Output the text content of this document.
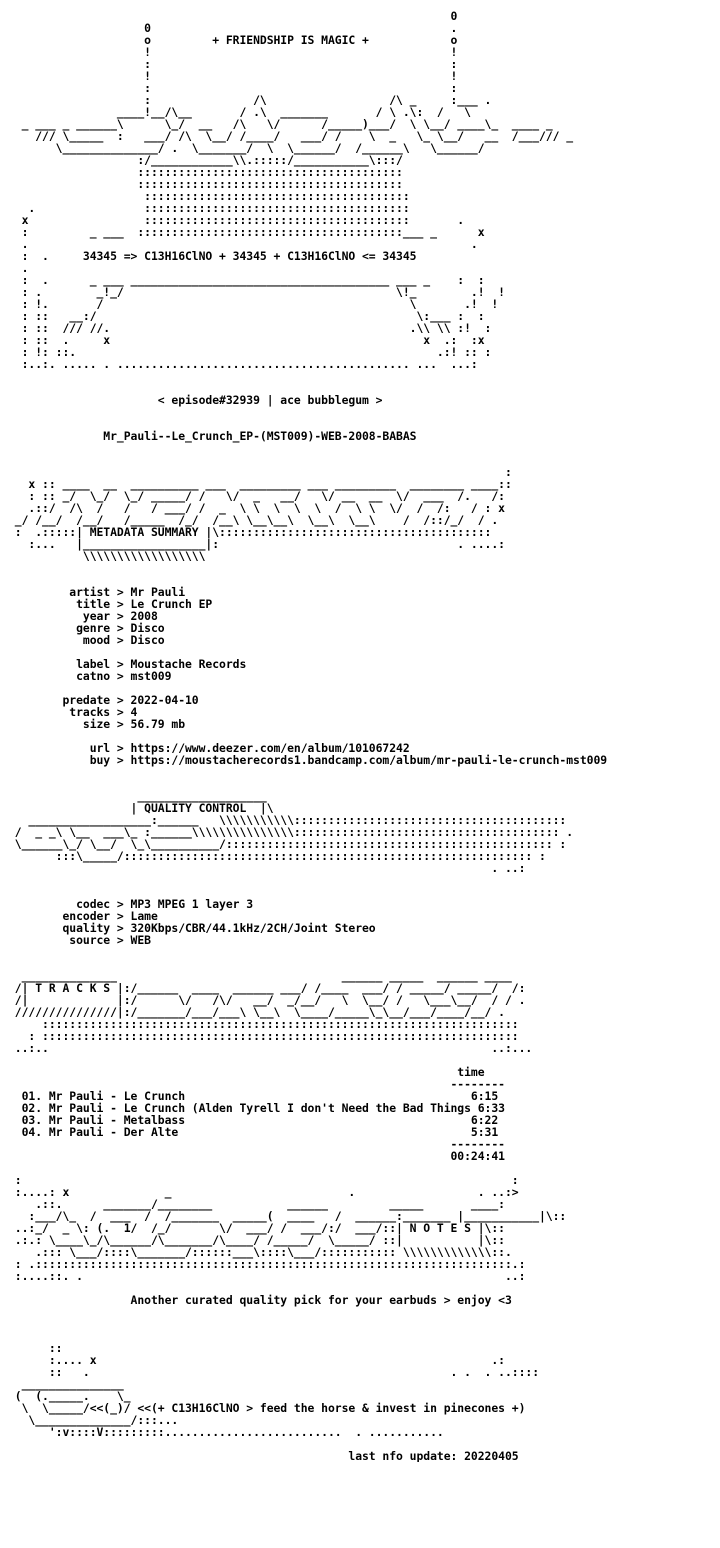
0
0                                            .
o         + FRIENDSHIP IS MAGIC +            o
!                                            !
:                                            :
!                                            !
:                                            :
:               /\                  /\ _     :___ .
____!__/\__       / .\  _______       / \ .\:  /   \
_ ___ _ ______\      \_/  __   /\   \/      /_____)___/  \ \__/ ____\_  ____ _
/// \_____  :   ___/ /\  \__/ /____/   ___/ /    \  _   \_ \__/   __  /___/// _
\______________/ .  \_______/  \  \______/  /______\   \______/
:/____________\\.:::::/___________\:::/
:::::::::::::::::::::::::::::::::::::::
:::::::::::::::::::::::::::::::::::::::
:::::::::::::::::::::::::::::::::::::::
.                :::::::::::::::::::::::::::::::::::::::
x                 :::::::::::::::::::::::::::::::::::::::       .
:         _ ___  :::::::::::::::::::::::::::::::::::::::___ _      x
.                                                                 .
:  .     34345 => C13H16ClNO + 34345 + C13H16ClNO <= 34345
.
:  .      _ ___ ______________________________________ ___ _    :  :
: .        _!_/                                        \!_        .!  !
: !.       /                                             \       .!  !
: ::   __:/                                               \:___ :  :
: ::  /// //.                                            .\\ \\ :!  :
: ::  .     x                                              x  .:  :x
: !: ::.                                                     .:! :: :
:..:. ..... . ........................................... ...  ...:
< episode#32939 | ace bubblegum >
Mr_Pauli--Le_Crunch_EP-(MST009)-WEB-2008-BABAS
:
x :: ____  __  __________ ___  _________ ___ _________  ________ ____::
: :: _/  \_/  \_/ _____/ /   \/  _   __/   \/ __  __  \/  ___  /.   /:
.::/  /\  /   /   / ___/ /  _  \ \  \  \  \  /  \ \  \/  /  /:   / : x
_/ /__/  /__/   /_____  /_/  /__\ \__\__\  \__\  \__\    /  /::/_/  / .
:  .:::::| METADATA SUMMARY |\::::::::::::::::::::::::::::::::::::::::
:...   |__________________|:                                   . ....:
\\\\\\\\\\\\\\\\\\
artist > Mr Pauli
title > Le Crunch EP
year > 2008
genre > Disco
mood > Disco
label > Moustache Records
catno > mst009
predate > 2022-04-10
tracks > 4
size > 56.79 mb
url > https://www.deezer.com/en/album/101067242
buy > https://moustacherecords1.bandcamp.com/album/mr-pauli-le-crunch-mst009
___________________
| QUALITY CONTROL  |\
__________________:______   \\\\\\\\\\\::::::::::::::::::::::::::::::::::::::::
/  _ _\ \__  ___\_ :______\\\\\\\\\\\\\\\::::::::::::::::::::::::::::::::::::::: .
\______\_/ \__/  \_\__________/:::::::::::::::::::::::::::::::::::::::::::::::: :
:::\_____/:::::::::::::::::::::::::::::::::::::::::::::::::::::::::::: :
. ..:
codec > MP3 MPEG 1 layer 3
encoder > Lame
quality > 320Kbps/CBR/44.1kHz/2CH/Joint Stereo
source > WEB
______________                                 ______ _____  ______ ____
/| T R A C K S |:/______  ____  ______ ___/ /____  ___/ / _____/ _____/  /:
/|             |:/      \/   /\/   __/  _/__/   \  \__/ /   \___\__/  / / .
///////////////|:/_______/___/___\ \__\  \____/_____\_\__/___/____/__/ .
::::::::::::::::::::::::::::::::::::::::::::::::::::::::::::::::::::::
: ::::::::::::::::::::::::::::::::::::::::::::::::::::::::::::::::::::::
..:..                                                                 ..:...
time
--------
01. Mr Pauli - Le Crunch                                          6:15
02. Mr Pauli - Le Crunch (Alden Tyrell I don't Need the Bad Things 6:33
03. Mr Pauli - Metalbass                                          6:22
04. Mr Pauli - Der Alte                                           5:31
--------
00:24:41
:                                                                        :
:....: x              _                          .                  . ..:>
.::.      _______/________           ______         _____       ____:
:___/\_  /  ___  /  /_______  _____(  ____   /  ______:_______ |___________|\::
..:_/  _ \: (.  1/  /_/       \/  ___/ /  ___/:/  ___/::| N O T E S |\::
.:.: \____\_/\______/\_______/\____/ /_____/  \_____/ ::|           |\::
.::: \___/::::\_______/::::::___\::::\___/::::::::::: \\\\\\\\\\\\\::.
: .::::::::::::::::::::::::::::::::::::::::::::::::::::::::::::::::::::::.:
:....::. .                                                              ..:
Another curated quality pick for your earbuds > enjoy <3
::
:.... x                                                          .:
::   .                                                     . .  . ..::::
_______________
(  (._____.    \_
\  \_____/<<(_)/ <<(+ C13H16ClNO > feed the horse & invest in pinecones +)
\______________/:::...
':v::::V:::::::::..........................  . ...........
last nfo update: 20220405
